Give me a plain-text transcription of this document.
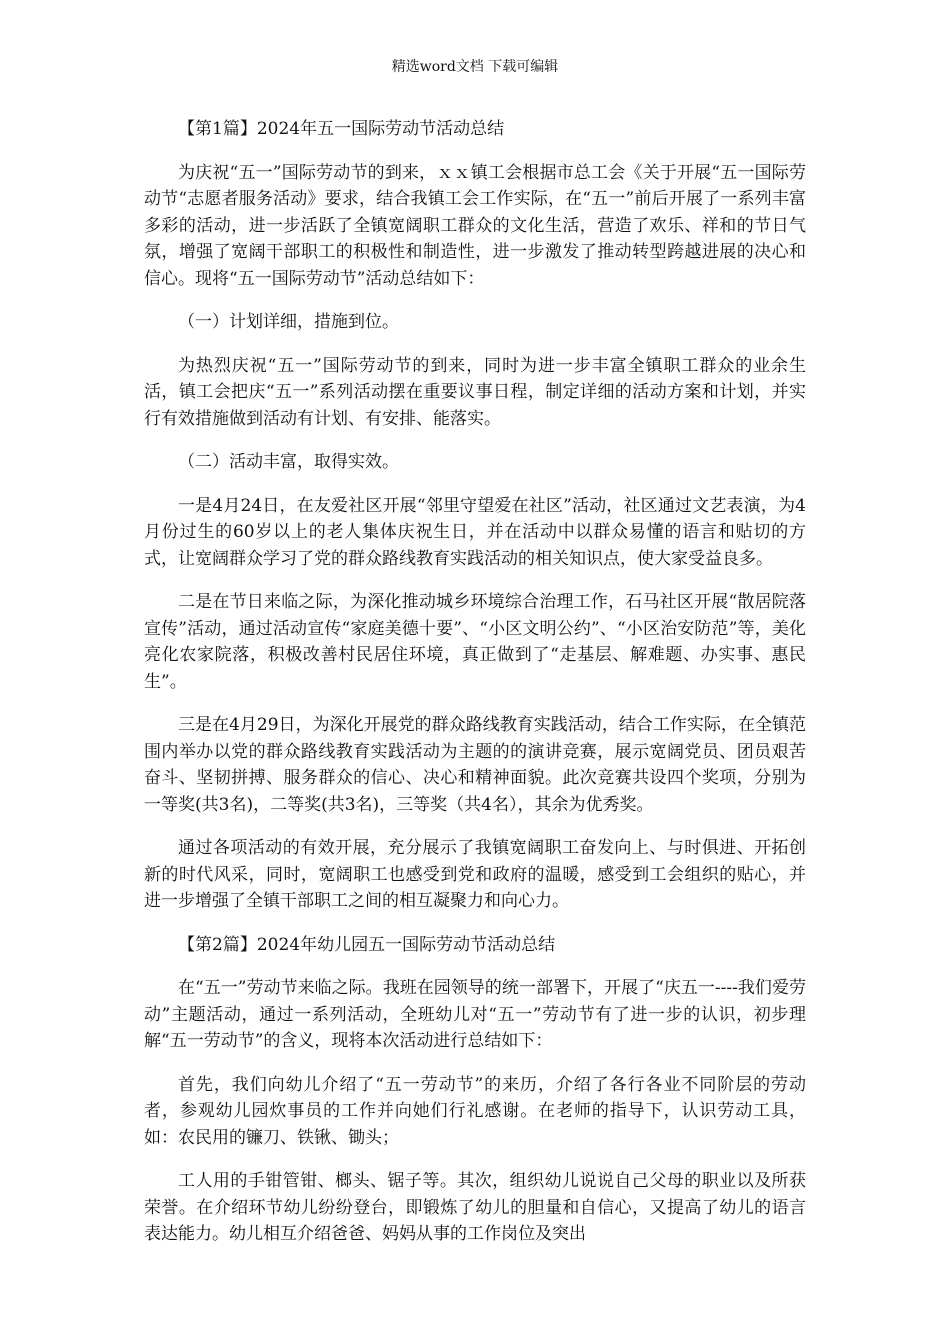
精选word文档 下载可编辑

【第1篇】2024年五一国际劳动节活动总结

为庆祝“五一”国际劳动节的到来，ｘｘ镇工会根据市总工会《关于开展“五一国际劳动节“志愿者服务活动》要求，结合我镇工会工作实际，在“五一”前后开展了一系列丰富多彩的活动，进一步活跃了全镇宽阔职工群众的文化生活，营造了欢乐、祥和的节日气氛，增强了宽阔干部职工的积极性和制造性，进一步激发了推动转型跨越进展的决心和信心。现将“五一国际劳动节”活动总结如下：

（一）计划详细，措施到位。

为热烈庆祝“五一”国际劳动节的到来，同时为进一步丰富全镇职工群众的业余生活，镇工会把庆“五一”系列活动摆在重要议事日程，制定详细的活动方案和计划，并实行有效措施做到活动有计划、有安排、能落实。

（二）活动丰富，取得实效。

一是4月24日，在友爱社区开展“邻里守望爱在社区”活动，社区通过文艺表演，为4月份过生的60岁以上的老人集体庆祝生日，并在活动中以群众易懂的语言和贴切的方式，让宽阔群众学习了党的群众路线教育实践活动的相关知识点，使大家受益良多。

二是在节日来临之际，为深化推动城乡环境综合治理工作，石马社区开展“散居院落宣传”活动，通过活动宣传“家庭美德十要”、“小区文明公约”、“小区治安防范”等，美化亮化农家院落，积极改善村民居住环境，真正做到了“走基层、解难题、办实事、惠民生”。

三是在4月29日，为深化开展党的群众路线教育实践活动，结合工作实际，在全镇范围内举办以党的群众路线教育实践活动为主题的的演讲竞赛，展示宽阔党员、团员艰苦奋斗、坚韧拼搏、服务群众的信心、决心和精神面貌。此次竞赛共设四个奖项，分别为一等奖(共3名)，二等奖(共3名)，三等奖（共4名），其余为优秀奖。

通过各项活动的有效开展，充分展示了我镇宽阔职工奋发向上、与时俱进、开拓创新的时代风采，同时，宽阔职工也感受到党和政府的温暖，感受到工会组织的贴心，并进一步增强了全镇干部职工之间的相互凝聚力和向心力。

【第2篇】2024年幼儿园五一国际劳动节活动总结

在“五一”劳动节来临之际。我班在园领导的统一部署下，开展了“庆五一----我们爱劳动”主题活动，通过一系列活动，全班幼儿对“五一”劳动节有了进一步的认识，初步理解“五一劳动节”的含义，现将本次活动进行总结如下：

首先，我们向幼儿介绍了“五一劳动节”的来历，介绍了各行各业不同阶层的劳动者，参观幼儿园炊事员的工作并向她们行礼感谢。在老师的指导下，认识劳动工具，如：农民用的镰刀、铁锹、锄头；

工人用的手钳管钳、榔头、锯子等。其次，组织幼儿说说自己父母的职业以及所获荣誉。在介绍环节幼儿纷纷登台，即锻炼了幼儿的胆量和自信心，又提高了幼儿的语言表达能力。幼儿相互介绍爸爸、妈妈从事的工作岗位及突出
